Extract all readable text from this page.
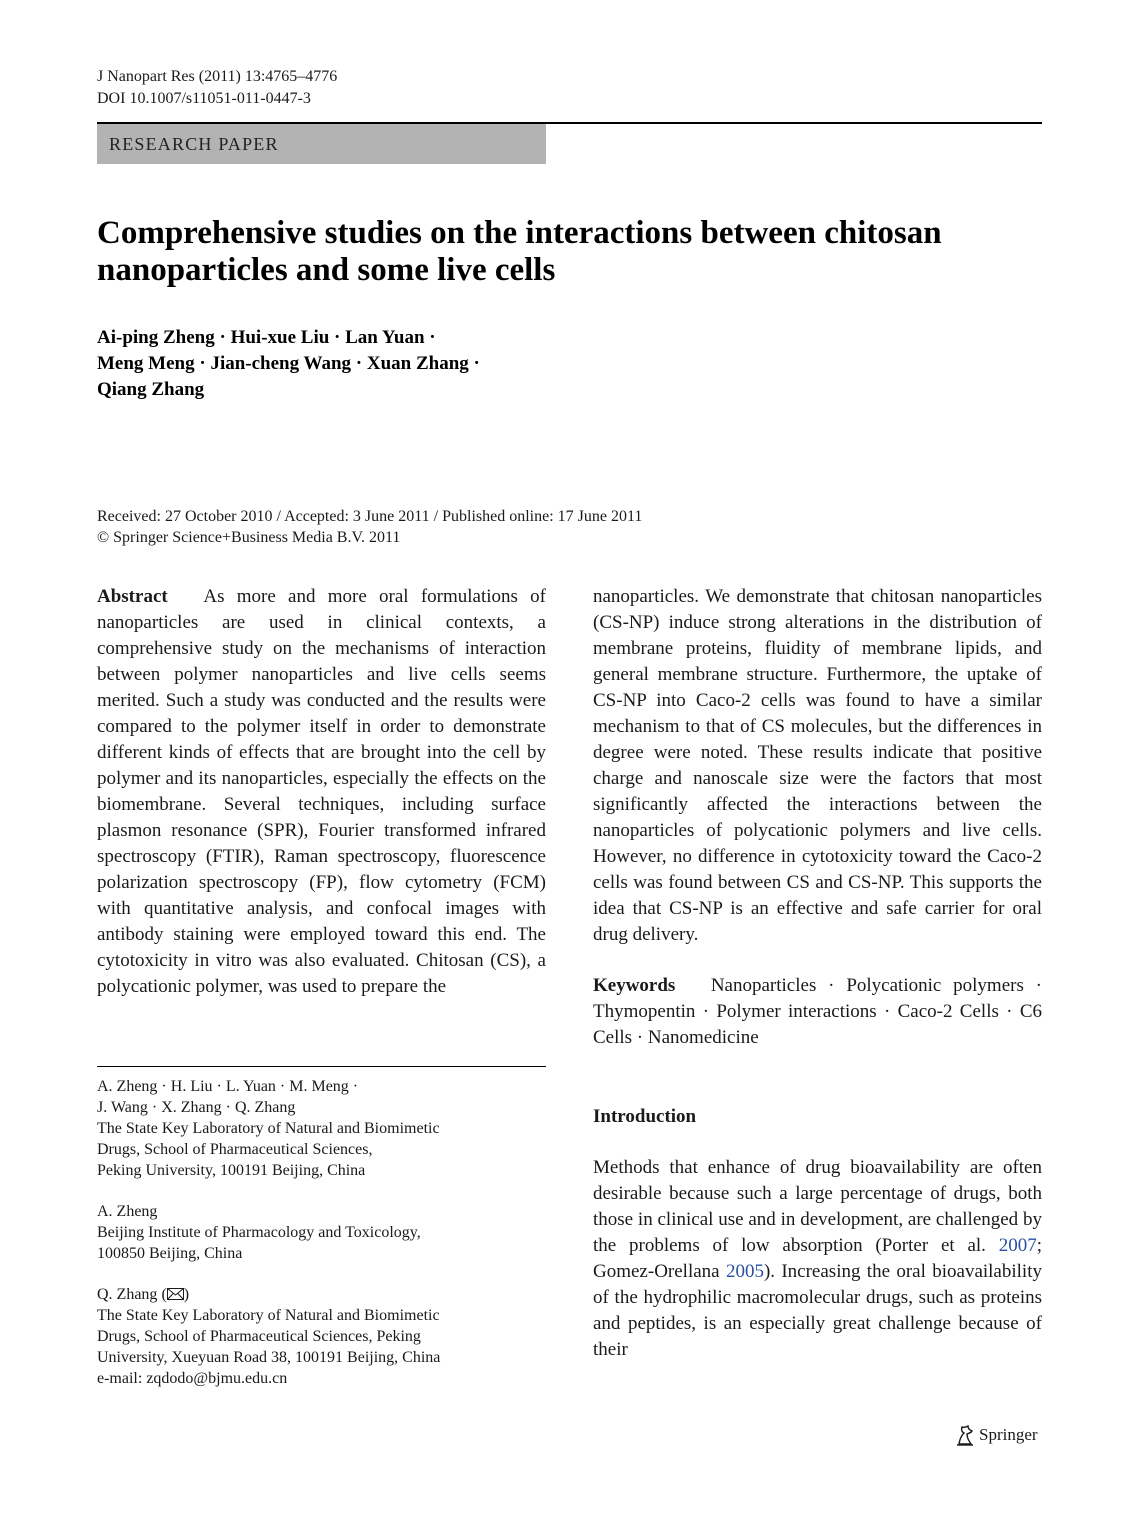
J Nanopart Res (2011) 13:4765–4776
DOI 10.1007/s11051-011-0447-3
RESEARCH PAPER
Comprehensive studies on the interactions between chitosan nanoparticles and some live cells
Ai-ping Zheng · Hui-xue Liu · Lan Yuan ·
Meng Meng · Jian-cheng Wang · Xuan Zhang ·
Qiang Zhang
Received: 27 October 2010 / Accepted: 3 June 2011 / Published online: 17 June 2011
© Springer Science+Business Media B.V. 2011

Abstract As more and more oral formulations of nanoparticles are used in clinical contexts, a comprehensive study on the mechanisms of interaction between polymer nanoparticles and live cells seems merited. Such a study was conducted and the results were compared to the polymer itself in order to demonstrate different kinds of effects that are brought into the cell by polymer and its nanoparticles, especially the effects on the biomembrane. Several techniques, including surface plasmon resonance (SPR), Fourier transformed infrared spectroscopy (FTIR), Raman spectroscopy, fluorescence polarization spectroscopy (FP), flow cytometry (FCM) with quantitative analysis, and confocal images with antibody staining were employed toward this end. The cytotoxicity in vitro was also evaluated. Chitosan (CS), a polycationic polymer, was used to prepare the

nanoparticles. We demonstrate that chitosan nanoparticles (CS-NP) induce strong alterations in the distribution of membrane proteins, fluidity of membrane lipids, and general membrane structure. Furthermore, the uptake of CS-NP into Caco-2 cells was found to have a similar mechanism to that of CS molecules, but the differences in degree were noted. These results indicate that positive charge and nanoscale size were the factors that most significantly affected the interactions between the nanoparticles of polycationic polymers and live cells. However, no difference in cytotoxicity toward the Caco-2 cells was found between CS and CS-NP. This supports the idea that CS-NP is an effective and safe carrier for oral drug delivery.

Keywords Nanoparticles · Polycationic polymers · Thymopentin · Polymer interactions · Caco-2 Cells · C6 Cells · Nanomedicine

Introduction

Methods that enhance of drug bioavailability are often desirable because such a large percentage of drugs, both those in clinical use and in development, are challenged by the problems of low absorption (Porter et al. 2007; Gomez-Orellana 2005). Increasing the oral bioavailability of the hydrophilic macromolecular drugs, such as proteins and peptides, is an especially great challenge because of their

A. Zheng · H. Liu · L. Yuan · M. Meng ·
J. Wang · X. Zhang · Q. Zhang
The State Key Laboratory of Natural and Biomimetic
Drugs, School of Pharmaceutical Sciences,
Peking University, 100191 Beijing, China

A. Zheng
Beijing Institute of Pharmacology and Toxicology,
100850 Beijing, China

Q. Zhang ( )
The State Key Laboratory of Natural and Biomimetic
Drugs, School of Pharmaceutical Sciences, Peking
University, Xueyuan Road 38, 100191 Beijing, China
e-mail: zqdodo@bjmu.edu.cn

Springer
